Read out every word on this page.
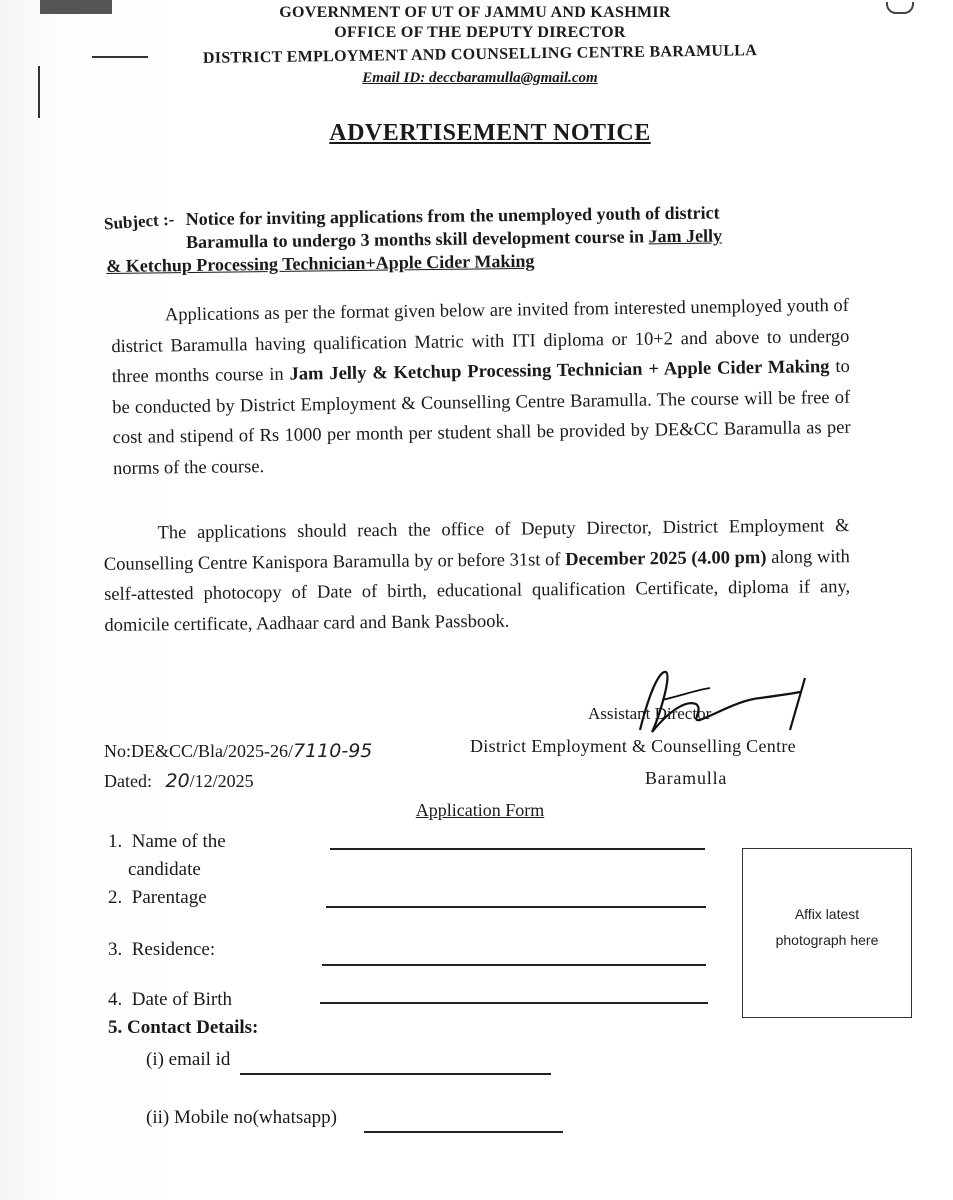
GOVERNMENT OF UT OF JAMMU AND KASHMIR
OFFICE OF THE DEPUTY DIRECTOR
DISTRICT EMPLOYMENT AND COUNSELLING CENTRE BARAMULLA
Email ID: deccbaramulla@gmail.com
ADVERTISEMENT NOTICE
Subject :- Notice for inviting applications from the unemployed youth of district
Baramulla to undergo 3 months skill development course in Jam Jelly
& Ketchup Processing Technician+Apple Cider Making
Applications as per the format given below are invited from interested unemployed youth of district Baramulla having qualification Matric with ITI diploma or 10+2 and above to undergo three months course in Jam Jelly & Ketchup Processing Technician + Apple Cider Making to be conducted by District Employment & Counselling Centre Baramulla. The course will be free of cost and stipend of Rs 1000 per month per student shall be provided by DE&CC Baramulla as per norms of the course.
The applications should reach the office of Deputy Director, District Employment & Counselling Centre Kanispora Baramulla by or before 31st of December 2025 (4.00 pm) along with self-attested photocopy of Date of birth, educational qualification Certificate, diploma if any, domicile certificate, Aadhaar card and Bank Passbook.
Assistant Director
District Employment & Counselling Centre
Baramulla
No:DE&CC/Bla/2025-26/7110-95
Dated: 20/12/2025
Application Form
1. Name of the
candidate
2. Parentage
3. Residence:
4. Date of Birth
5. Contact Details:
(i) email id
(ii) Mobile no(whatsapp)
Affix latest
photograph here
